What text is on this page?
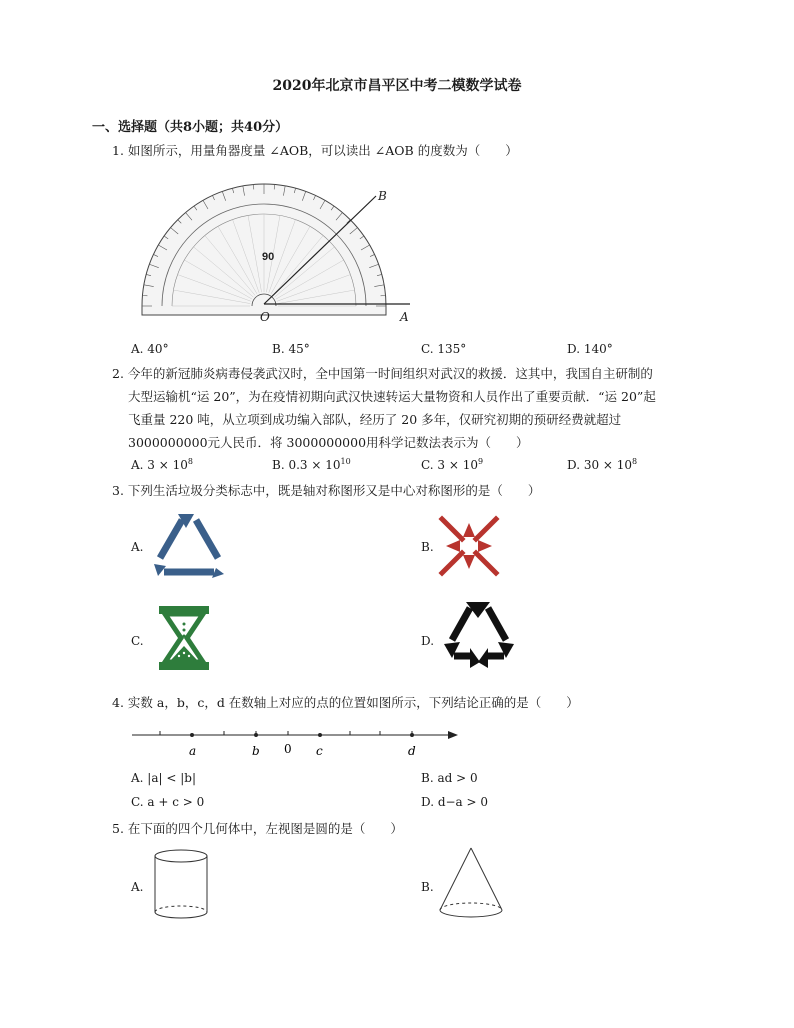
2020年北京市昌平区中考二模数学试卷
一、选择题（共8小题；共40分）
1. 如图所示，用量角器度量 ∠AOB，可以读出 ∠AOB 的度数为（　　）
90
B
O	A
A. 40°	B. 45°	C. 135°	D. 140°
2. 今年的新冠肺炎病毒侵袭武汉时，全中国第一时间组织对武汉的救援．这其中，我国自主研制的
大型运输机“运 20”，为在疫情初期向武汉快速转运大量物资和人员作出了重要贡献．“运 20”起
飞重量 220 吨，从立项到成功编入部队，经历了 20 多年，仅研究初期的预研经费就超过
3000000000元人民币．将 3000000000用科学记数法表示为（　　）
A. $3 \times 10^8$	B. $0.3 \times 10^{10}$	C. $3 \times 10^9$	D. $30 \times 10^8$
3. 下列生活垃圾分类标志中，既是轴对称图形又是中心对称图形的是（　　）
A.	B.
C.	D.
4. 实数 a，b，c，d 在数轴上对应的点的位置如图所示，下列结论正确的是（　　）
a	b 0 c	d
A. |a| < |b|	B. ad > 0
C. a + c > 0	D. d−a > 0
5. 在下面的四个几何体中，左视图是圆的是（　　）
A.	B.
